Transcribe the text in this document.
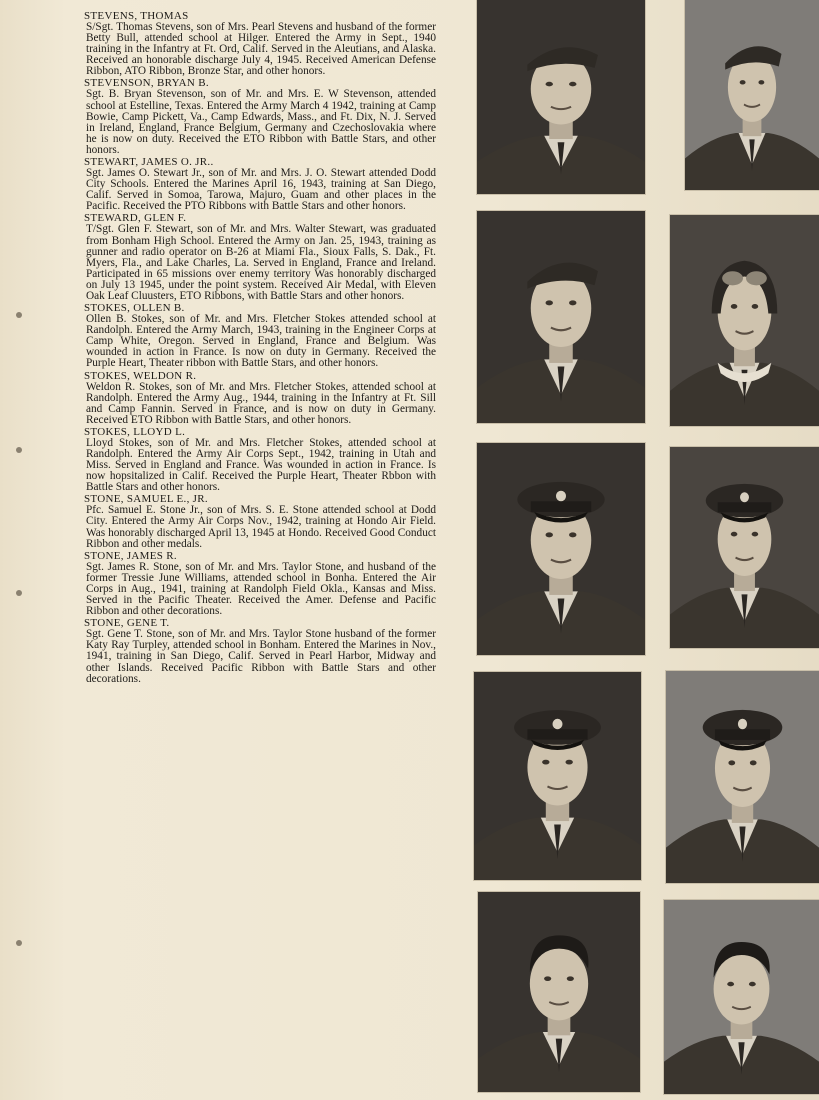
STEVENS, THOMAS

S/Sgt. Thomas Stevens, son of Mrs. Pearl Stevens and husband of the former Betty Bull, attended school at Hilger. Entered the Army in Sept., 1940 training in the Infantry at Ft. Ord, Calif. Served in the Aleutians, and Alaska. Received an honorable discharge July 4, 1945. Received American Defense Ribbon, ATO Ribbon, Bronze Star, and other honors.

STEVENSON, BRYAN B.

Sgt. B. Bryan Stevenson, son of Mr. and Mrs. E. W Stevenson, attended school at Estelline, Texas. Entered the Army March 4 1942, training at Camp Bowie, Camp Pickett, Va., Camp Edwards, Mass., and Ft. Dix, N. J. Served in Ireland, England, France Belgium, Germany and Czechoslovakia where he is now on duty. Received the ETO Ribbon with Battle Stars, and other honors.

STEWART, JAMES O. JR..

Sgt. James O. Stewart Jr., son of Mr. and Mrs. J. O. Stewart attended Dodd City Schools. Entered the Marines April 16, 1943, training at San Diego, Calif. Served in Somoa, Tarowa, Majuro, Guam and other places in the Pacific. Received the PTO Ribbons with Battle Stars and other honors.

STEWARD, GLEN F.

T/Sgt. Glen F. Stewart, son of Mr. and Mrs. Walter Stewart, was graduated from Bonham High School. Entered the Army on Jan. 25, 1943, training as gunner and radio operator on B-26 at Miami Fla., Sioux Falls, S. Dak., Ft. Myers, Fla., and Lake Charles, La. Served in England, France and Ireland. Participated in 65 missions over enemy territory Was honorably discharged on July 13 1945, under the point system. Received Air Medal, with Eleven Oak Leaf Cluusters, ETO Ribbons, with Battle Stars and other honors.

STOKES, OLLEN B.

Ollen B. Stokes, son of Mr. and Mrs. Fletcher Stokes attended school at Randolph. Entered the Army March, 1943, training in the Engineer Corps at Camp White, Oregon. Served in England, France and Belgium. Was wounded in action in France. Is now on duty in Germany. Received the Purple Heart, Theater ribbon with Battle Stars, and other honors.

STOKES, WELDON R.

Weldon R. Stokes, son of Mr. and Mrs. Fletcher Stokes, attended school at Randolph. Entered the Army Aug., 1944, training in the Infantry at Ft. Sill and Camp Fannin. Served in France, and is now on duty in Germany. Received ETO Ribbon with Battle Stars, and other honors.

STOKES, LLOYD L.

Lloyd Stokes, son of Mr. and Mrs. Fletcher Stokes, attended school at Randolph. Entered the Army Air Corps Sept., 1942, training in Utah and Miss. Served in England and France. Was wounded in action in France. Is now hopsitalized in Calif. Received the Purple Heart, Theater Rbbon with Battle Stars and other honors.

STONE, SAMUEL E., JR.

Pfc. Samuel E. Stone Jr., son of Mrs. S. E. Stone attended school at Dodd City. Entered the Army Air Corps Nov., 1942, training at Hondo Air Field. Was honorably discharged April 13, 1945 at Hondo. Received Good Conduct Ribbon and other medals.

STONE, JAMES R.

Sgt. James R. Stone, son of Mr. and Mrs. Taylor Stone, and husband of the former Tressie June Williams, attended school in Bonha. Entered the Air Corps in Aug., 1941, training at Randolph Field Okla., Kansas and Miss. Served in the Pacific Theater. Received the Amer. Defense and Pacific Ribbon and other decorations.

STONE, GENE T.

Sgt. Gene T. Stone, son of Mr. and Mrs. Taylor Stone husband of the former Katy Ray Turpley, attended school in Bonham. Entered the Marines in Nov., 1941, training in San Diego, Calif. Served in Pearl Harbor, Midway and other Islands. Received Pacific Ribbon with Battle Stars and other decorations.
